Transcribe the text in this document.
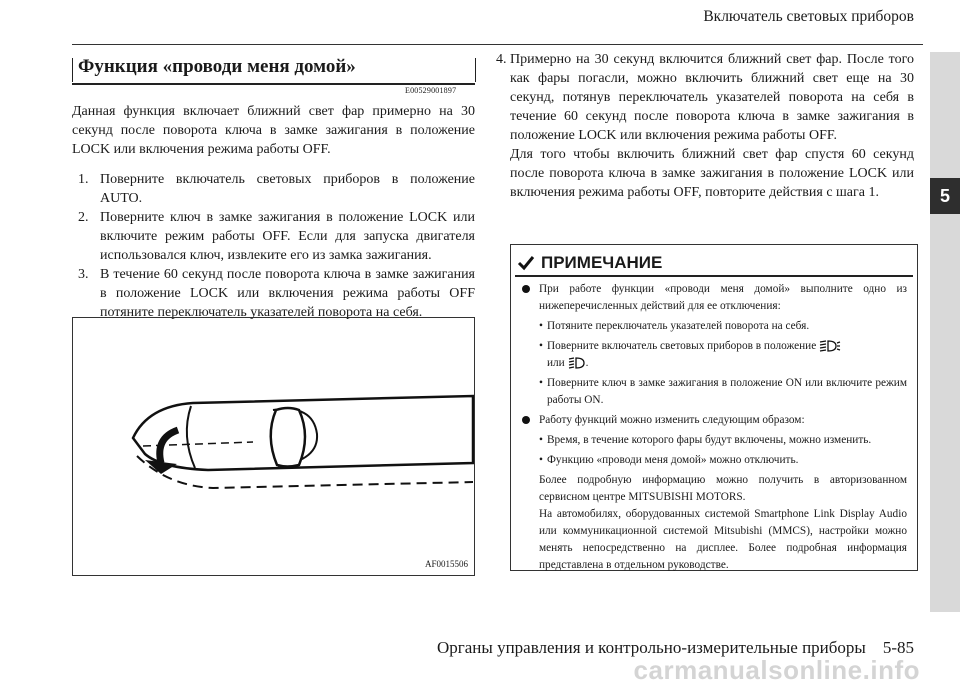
Включатель световых приборов
5
Функция «проводи меня домой»
E00529001897
Данная функция включает ближний свет фар примерно на 30 секунд после поворота ключа в замке зажигания в положение LOCK или включения режима работы OFF.
1. Поверните включатель световых приборов в положение AUTO.
2. Поверните ключ в замке зажигания в положение LOCK или включите режим работы OFF. Если для запуска двигателя использовался ключ, извлеките его из замка зажигания.
3. В течение 60 секунд после поворота ключа в замке зажигания в положение LOCK или включения режима работы OFF потяните переключатель указателей поворота на себя.
AF0015506
4. Примерно на 30 секунд включится ближний свет фар. После того как фары погасли, можно включить ближний свет еще на 30 секунд, потянув переключатель указателей поворота на себя в течение 60 секунд после поворота ключа в замке зажигания в положение LOCK или включения режима работы OFF.

Для того чтобы включить ближний свет фар спустя 60 секунд после поворота ключа в замке зажигания в положение LOCK или включения режима работы OFF, повторите действия с шага 1.

ПРИМЕЧАНИЕ
При работе функции «проводи меня домой» выполните одно из нижеперечисленных действий для ее отключения:
• Потяните переключатель указателей поворота на себя.
• Поверните включатель световых приборов в положение
или .
• Поверните ключ в замке зажигания в положение ON или включите режим работы ON.
Работу функций можно изменить следующим образом:
• Время, в течение которого фары будут включены, можно изменить.
• Функцию «проводи меня домой» можно отключить.
Более подробную информацию можно получить в авторизованном сервисном центре MITSUBISHI MOTORS.
На автомобилях, оборудованных системой Smartphone Link Display Audio или коммуникационной системой Mitsubishi (MMCS), настройки можно менять непосредственно на дисплее. Более подробная информация представлена в отдельном руководстве.
Органы управления и контрольно-измерительные приборы    5-85
carmanualsonline.info
